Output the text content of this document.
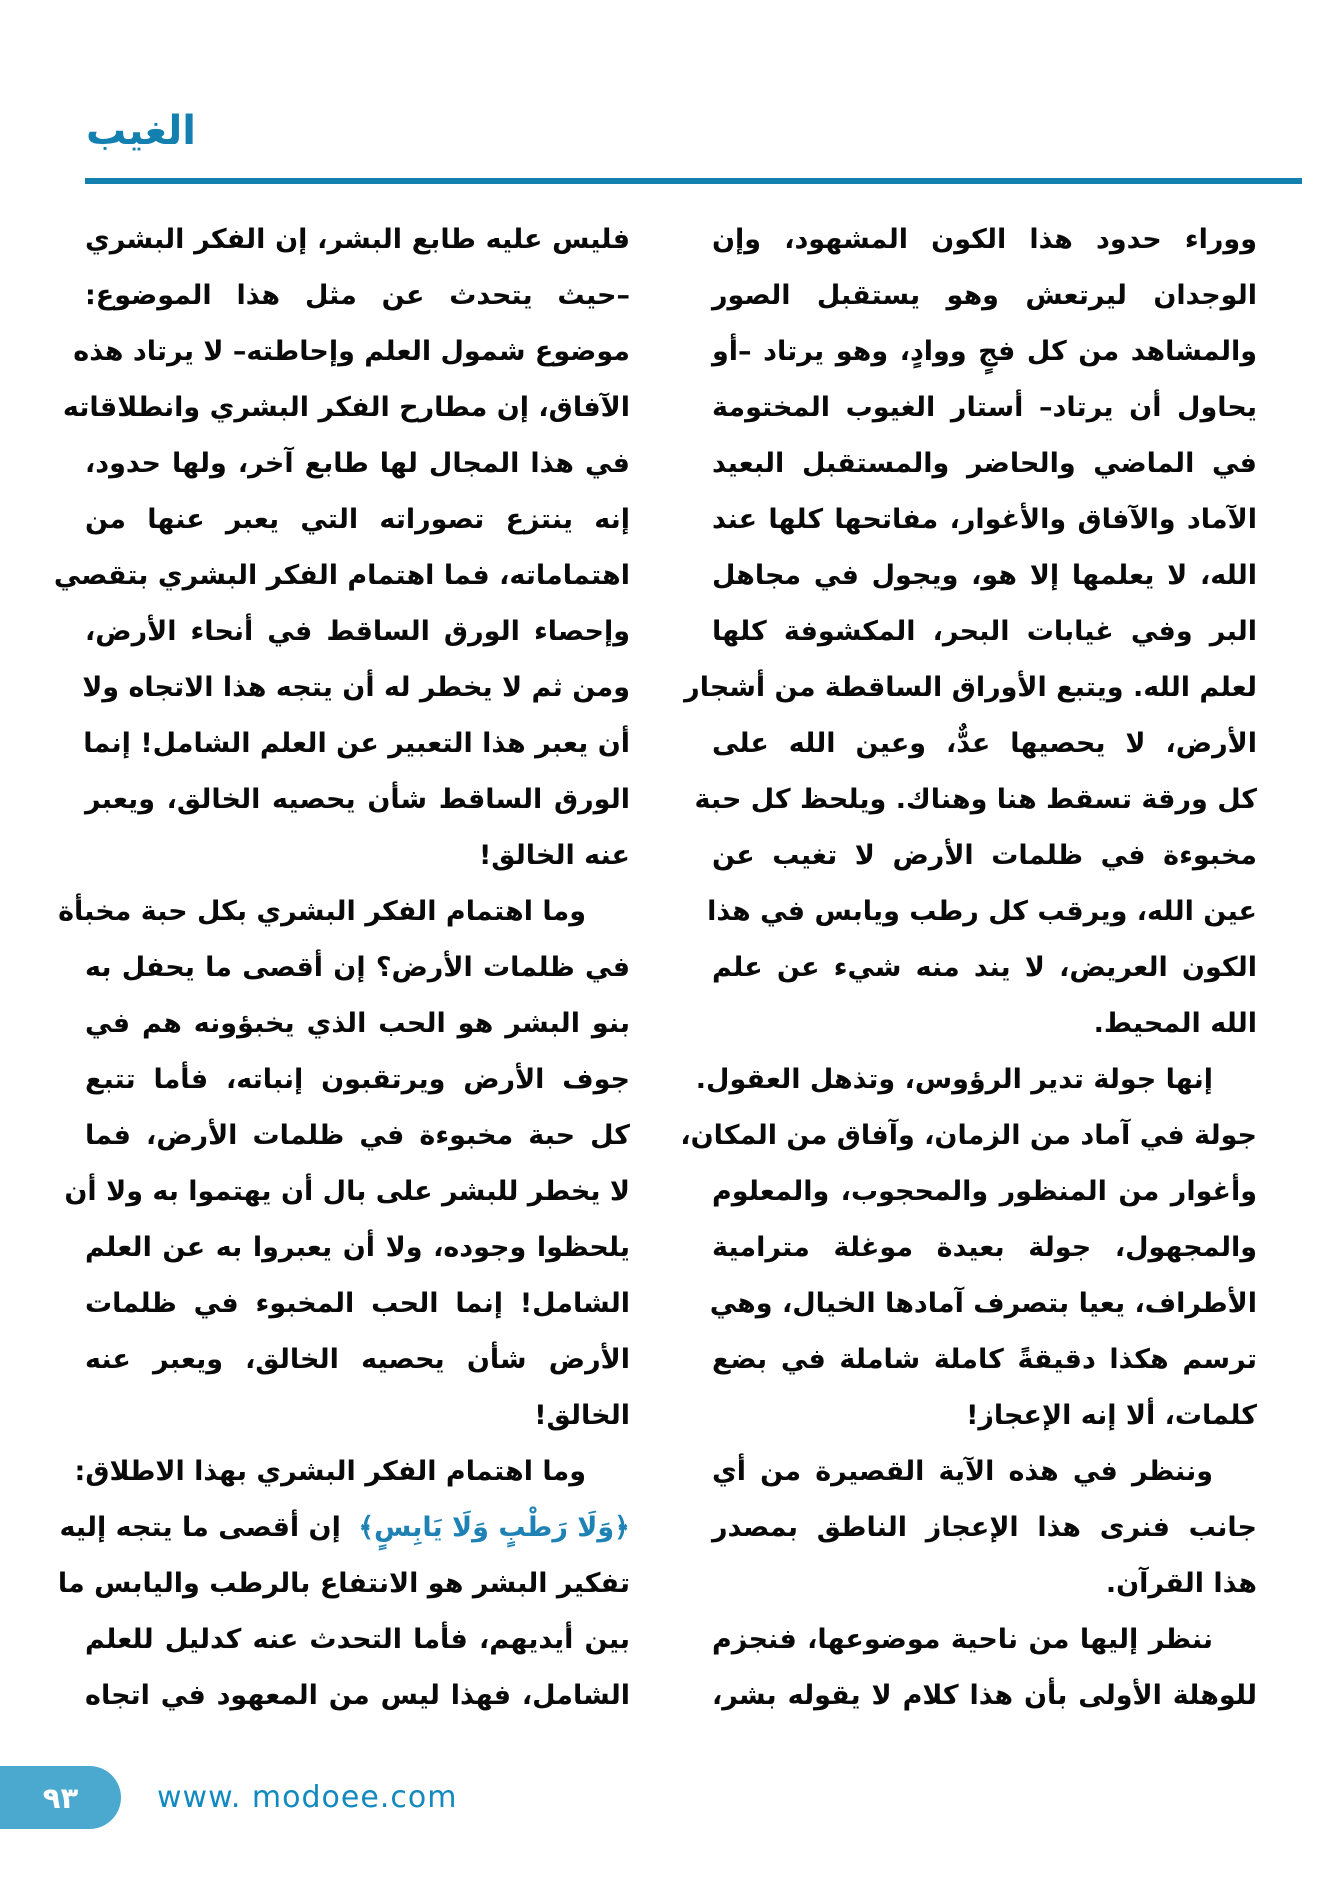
الغيب
ووراء حدود هذا الكون المشهود، وإن
الوجدان ليرتعش وهو يستقبل الصور
والمشاهد من كل فجٍ ووادٍ، وهو يرتاد –أو
يحاول أن يرتاد– أستار الغيوب المختومة
في الماضي والحاضر والمستقبل البعيد
الآماد والآفاق والأغوار، مفاتحها كلها عند
الله، لا يعلمها إلا هو، ويجول في مجاهل
البر وفي غيابات البحر، المكشوفة كلها
لعلم الله. ويتبع الأوراق الساقطة من أشجار
الأرض، لا يحصيها عدٌّ، وعين الله على
كل ورقة تسقط هنا وهناك. ويلحظ كل حبة
مخبوءة في ظلمات الأرض لا تغيب عن
عين الله، ويرقب كل رطب ويابس في هذا
الكون العريض، لا يند منه شيء عن علم
الله المحيط.
إنها جولة تدير الرؤوس، وتذهل العقول.
جولة في آماد من الزمان، وآفاق من المكان،
وأغوار من المنظور والمحجوب، والمعلوم
والمجهول، جولة بعيدة موغلة مترامية
الأطراف، يعيا بتصرف آمادها الخيال، وهي
ترسم هكذا دقيقةً كاملة شاملة في بضع
كلمات، ألا إنه الإعجاز!
وننظر في هذه الآية القصيرة من أي
جانب فنرى هذا الإعجاز الناطق بمصدر
هذا القرآن.
ننظر إليها من ناحية موضوعها، فنجزم
للوهلة الأولى بأن هذا كلام لا يقوله بشر،
فليس عليه طابع البشر، إن الفكر البشري
–حيث يتحدث عن مثل هذا الموضوع:
موضوع شمول العلم وإحاطته– لا يرتاد هذه
الآفاق، إن مطارح الفكر البشري وانطلاقاته
في هذا المجال لها طابع آخر، ولها حدود،
إنه ينتزع تصوراته التي يعبر عنها من
اهتماماته، فما اهتمام الفكر البشري بتقصي
وإحصاء الورق الساقط في أنحاء الأرض،
ومن ثم لا يخطر له أن يتجه هذا الاتجاه ولا
أن يعبر هذا التعبير عن العلم الشامل! إنما
الورق الساقط شأن يحصيه الخالق، ويعبر
عنه الخالق!
وما اهتمام الفكر البشري بكل حبة مخبأة
في ظلمات الأرض؟ إن أقصى ما يحفل به
بنو البشر هو الحب الذي يخبؤونه هم في
جوف الأرض ويرتقبون إنباته، فأما تتبع
كل حبة مخبوءة في ظلمات الأرض، فما
لا يخطر للبشر على بال أن يهتموا به ولا أن
يلحظوا وجوده، ولا أن يعبروا به عن العلم
الشامل! إنما الحب المخبوء في ظلمات
الأرض شأن يحصيه الخالق، ويعبر عنه
الخالق!
وما اهتمام الفكر البشري بهذا الاطلاق:
﴿وَلَا رَطْبٍ وَلَا يَابِسٍ﴾ إن أقصى ما يتجه إليه
تفكير البشر هو الانتفاع بالرطب واليابس ما
بين أيديهم، فأما التحدث عنه كدليل للعلم
الشامل، فهذا ليس من المعهود في اتجاه
٩٣	www. modoee.com
